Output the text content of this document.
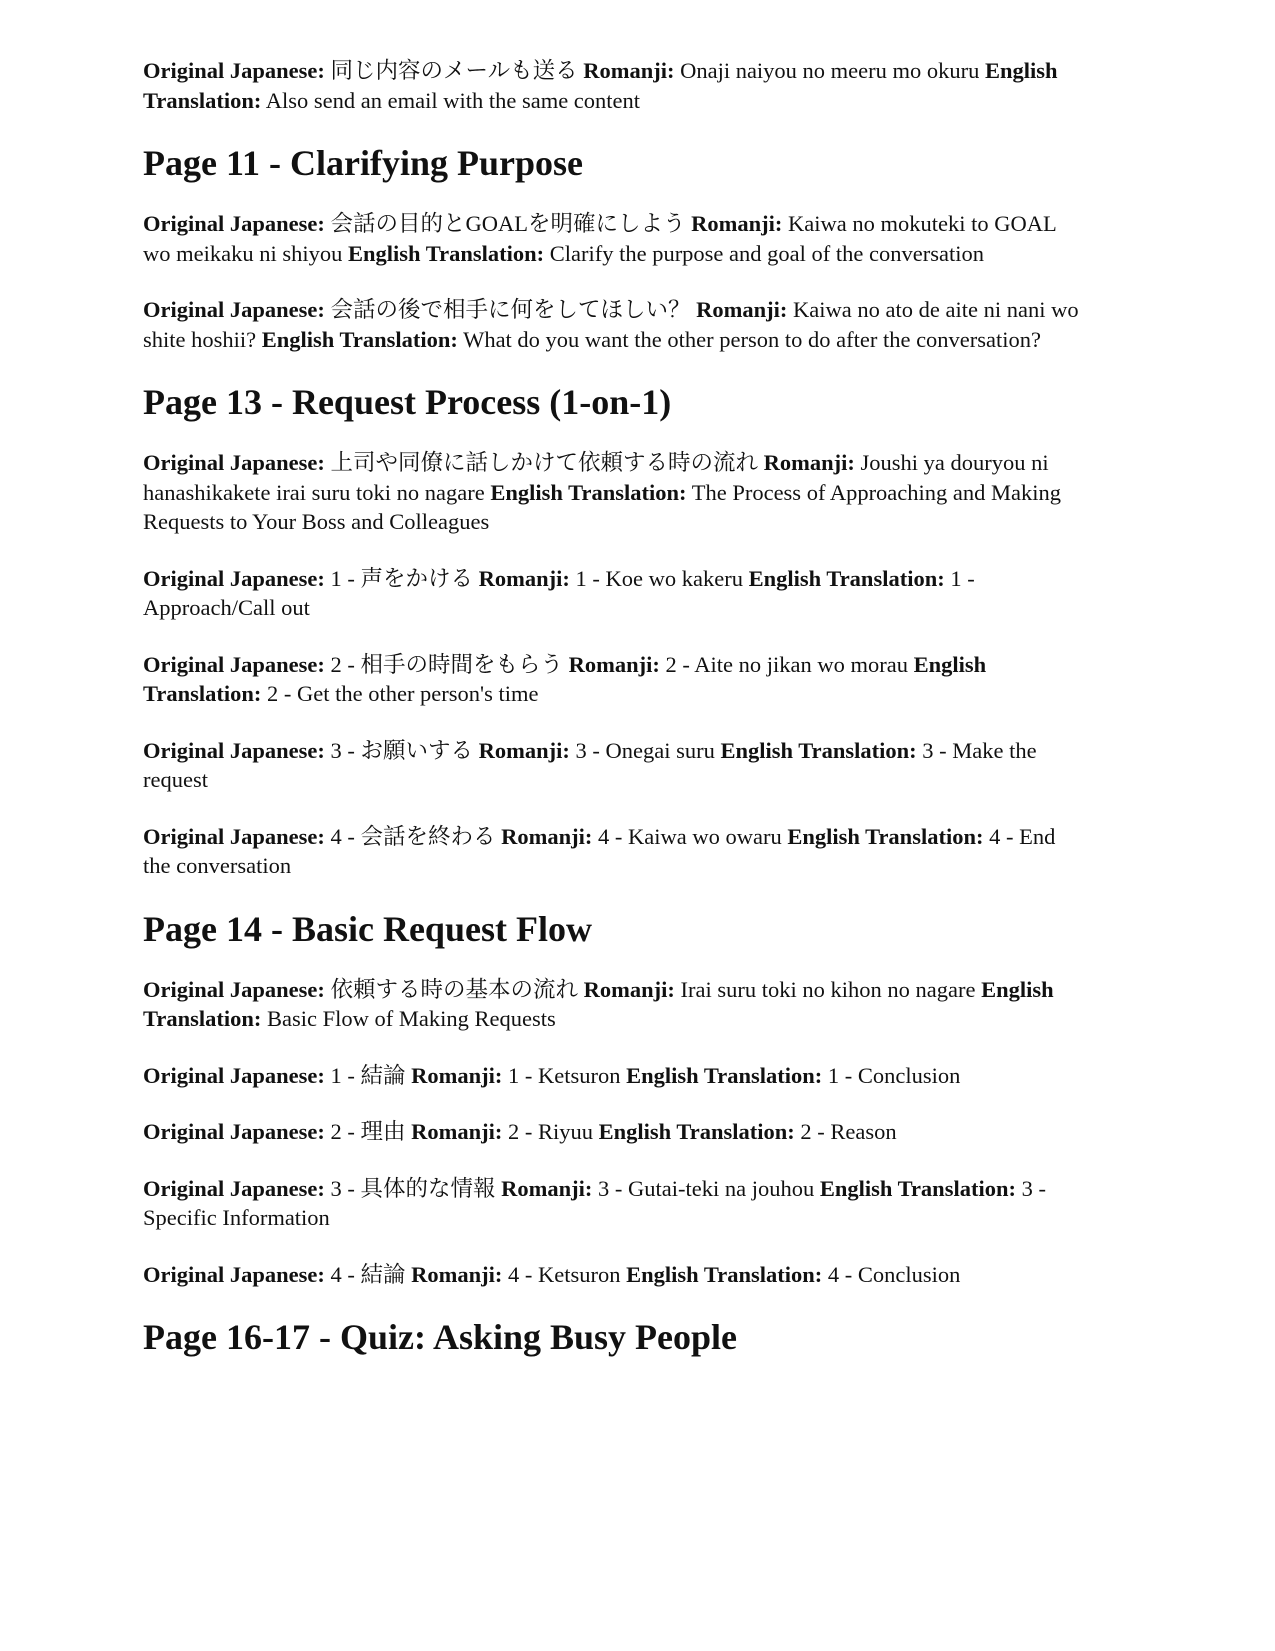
Original Japanese: 同じ内容のメールも送る Romanji: Onaji naiyou no meeru mo okuru English Translation: Also send an email with the same content

Page 11 - Clarifying Purpose

Original Japanese: 会話の目的とGOALを明確にしよう Romanji: Kaiwa no mokuteki to GOAL wo meikaku ni shiyou English Translation: Clarify the purpose and goal of the conversation

Original Japanese: 会話の後で相手に何をしてほしい？ Romanji: Kaiwa no ato de aite ni nani wo shite hoshii? English Translation: What do you want the other person to do after the conversation?

Page 13 - Request Process (1-on-1)

Original Japanese: 上司や同僚に話しかけて依頼する時の流れ Romanji: Joushi ya douryou ni hanashikakete irai suru toki no nagare English Translation: The Process of Approaching and Making Requests to Your Boss and Colleagues

Original Japanese: 1 - 声をかける Romanji: 1 - Koe wo kakeru English Translation: 1 - Approach/Call out

Original Japanese: 2 - 相手の時間をもらう Romanji: 2 - Aite no jikan wo morau English Translation: 2 - Get the other person's time

Original Japanese: 3 - お願いする Romanji: 3 - Onegai suru English Translation: 3 - Make the request

Original Japanese: 4 - 会話を終わる Romanji: 4 - Kaiwa wo owaru English Translation: 4 - End the conversation

Page 14 - Basic Request Flow

Original Japanese: 依頼する時の基本の流れ Romanji: Irai suru toki no kihon no nagare English Translation: Basic Flow of Making Requests

Original Japanese: 1 - 結論 Romanji: 1 - Ketsuron English Translation: 1 - Conclusion

Original Japanese: 2 - 理由 Romanji: 2 - Riyuu English Translation: 2 - Reason

Original Japanese: 3 - 具体的な情報 Romanji: 3 - Gutai-teki na jouhou English Translation: 3 - Specific Information

Original Japanese: 4 - 結論 Romanji: 4 - Ketsuron English Translation: 4 - Conclusion

Page 16-17 - Quiz: Asking Busy People
